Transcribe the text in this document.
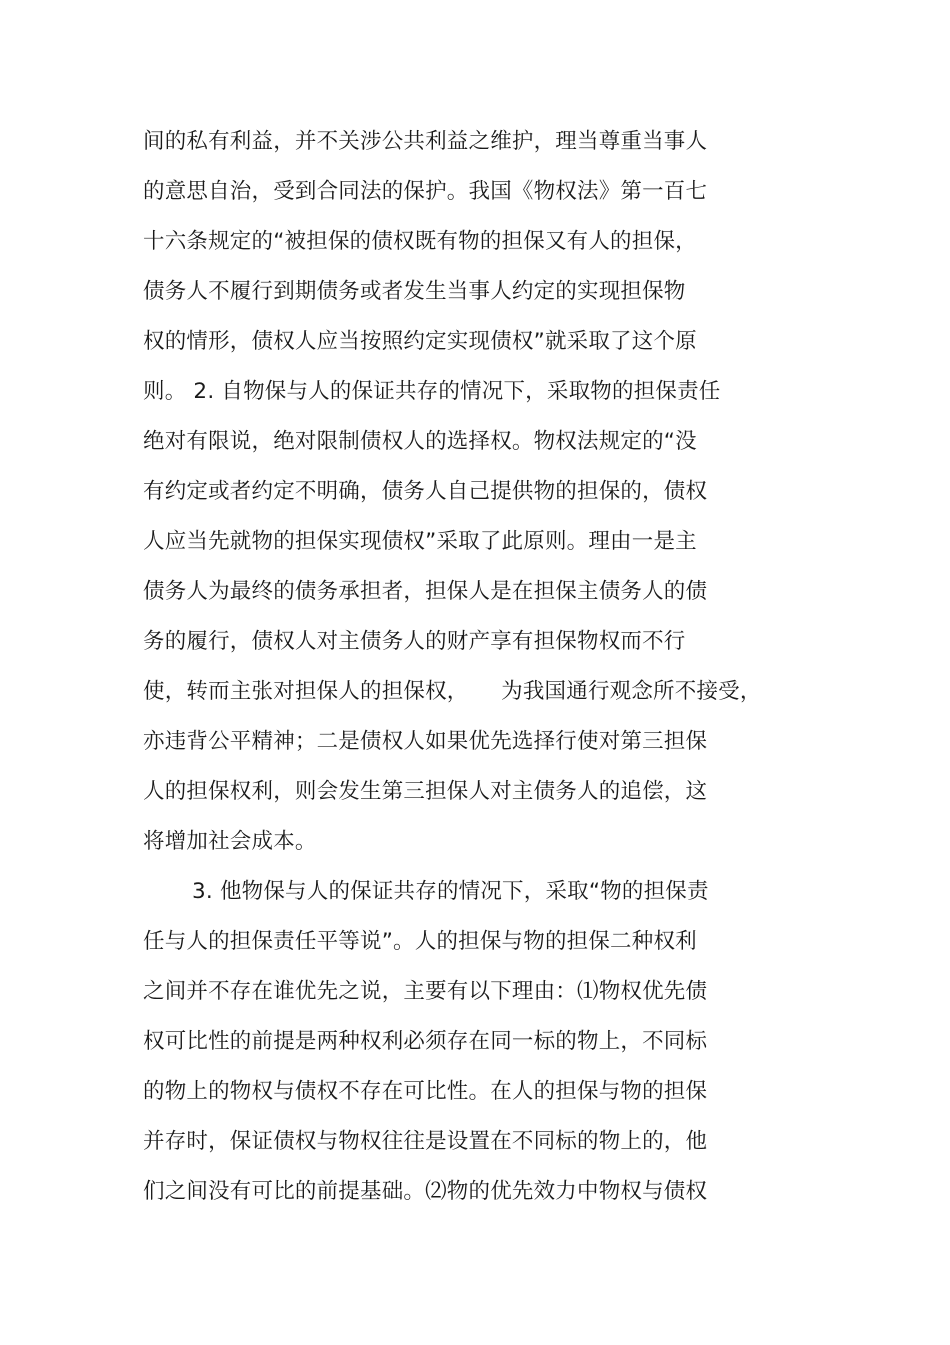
间的私有利益，并不关涉公共利益之维护，理当尊重当事人
的意思自治，受到合同法的保护。我国《物权法》第一百七
十六条规定的“被担保的债权既有物的担保又有人的担保，
债务人不履行到期债务或者发生当事人约定的实现担保物
权的情形，债权人应当按照约定实现债权”就采取了这个原
则。 2. 自物保与人的保证共存的情况下，采取物的担保责任
绝对有限说，绝对限制债权人的选择权。物权法规定的“没
有约定或者约定不明确，债务人自己提供物的担保的，债权
人应当先就物的担保实现债权”采取了此原则。理由一是主
债务人为最终的债务承担者，担保人是在担保主债务人的债
务的履行，债权人对主债务人的财产享有担保物权而不行
使，转而主张对担保人的担保权，　　为我国通行观念所不接受，
亦违背公平精神；二是债权人如果优先选择行使对第三担保
人的担保权利，则会发生第三担保人对主债务人的追偿，这
将增加社会成本。
3. 他物保与人的保证共存的情况下，采取“物的担保责
任与人的担保责任平等说”。人的担保与物的担保二种权利
之间并不存在谁优先之说，主要有以下理由：⑴物权优先债
权可比性的前提是两种权利必须存在同一标的物上，不同标
的物上的物权与债权不存在可比性。在人的担保与物的担保
并存时，保证债权与物权往往是设置在不同标的物上的，他
们之间没有可比的前提基础。⑵物的优先效力中物权与债权
